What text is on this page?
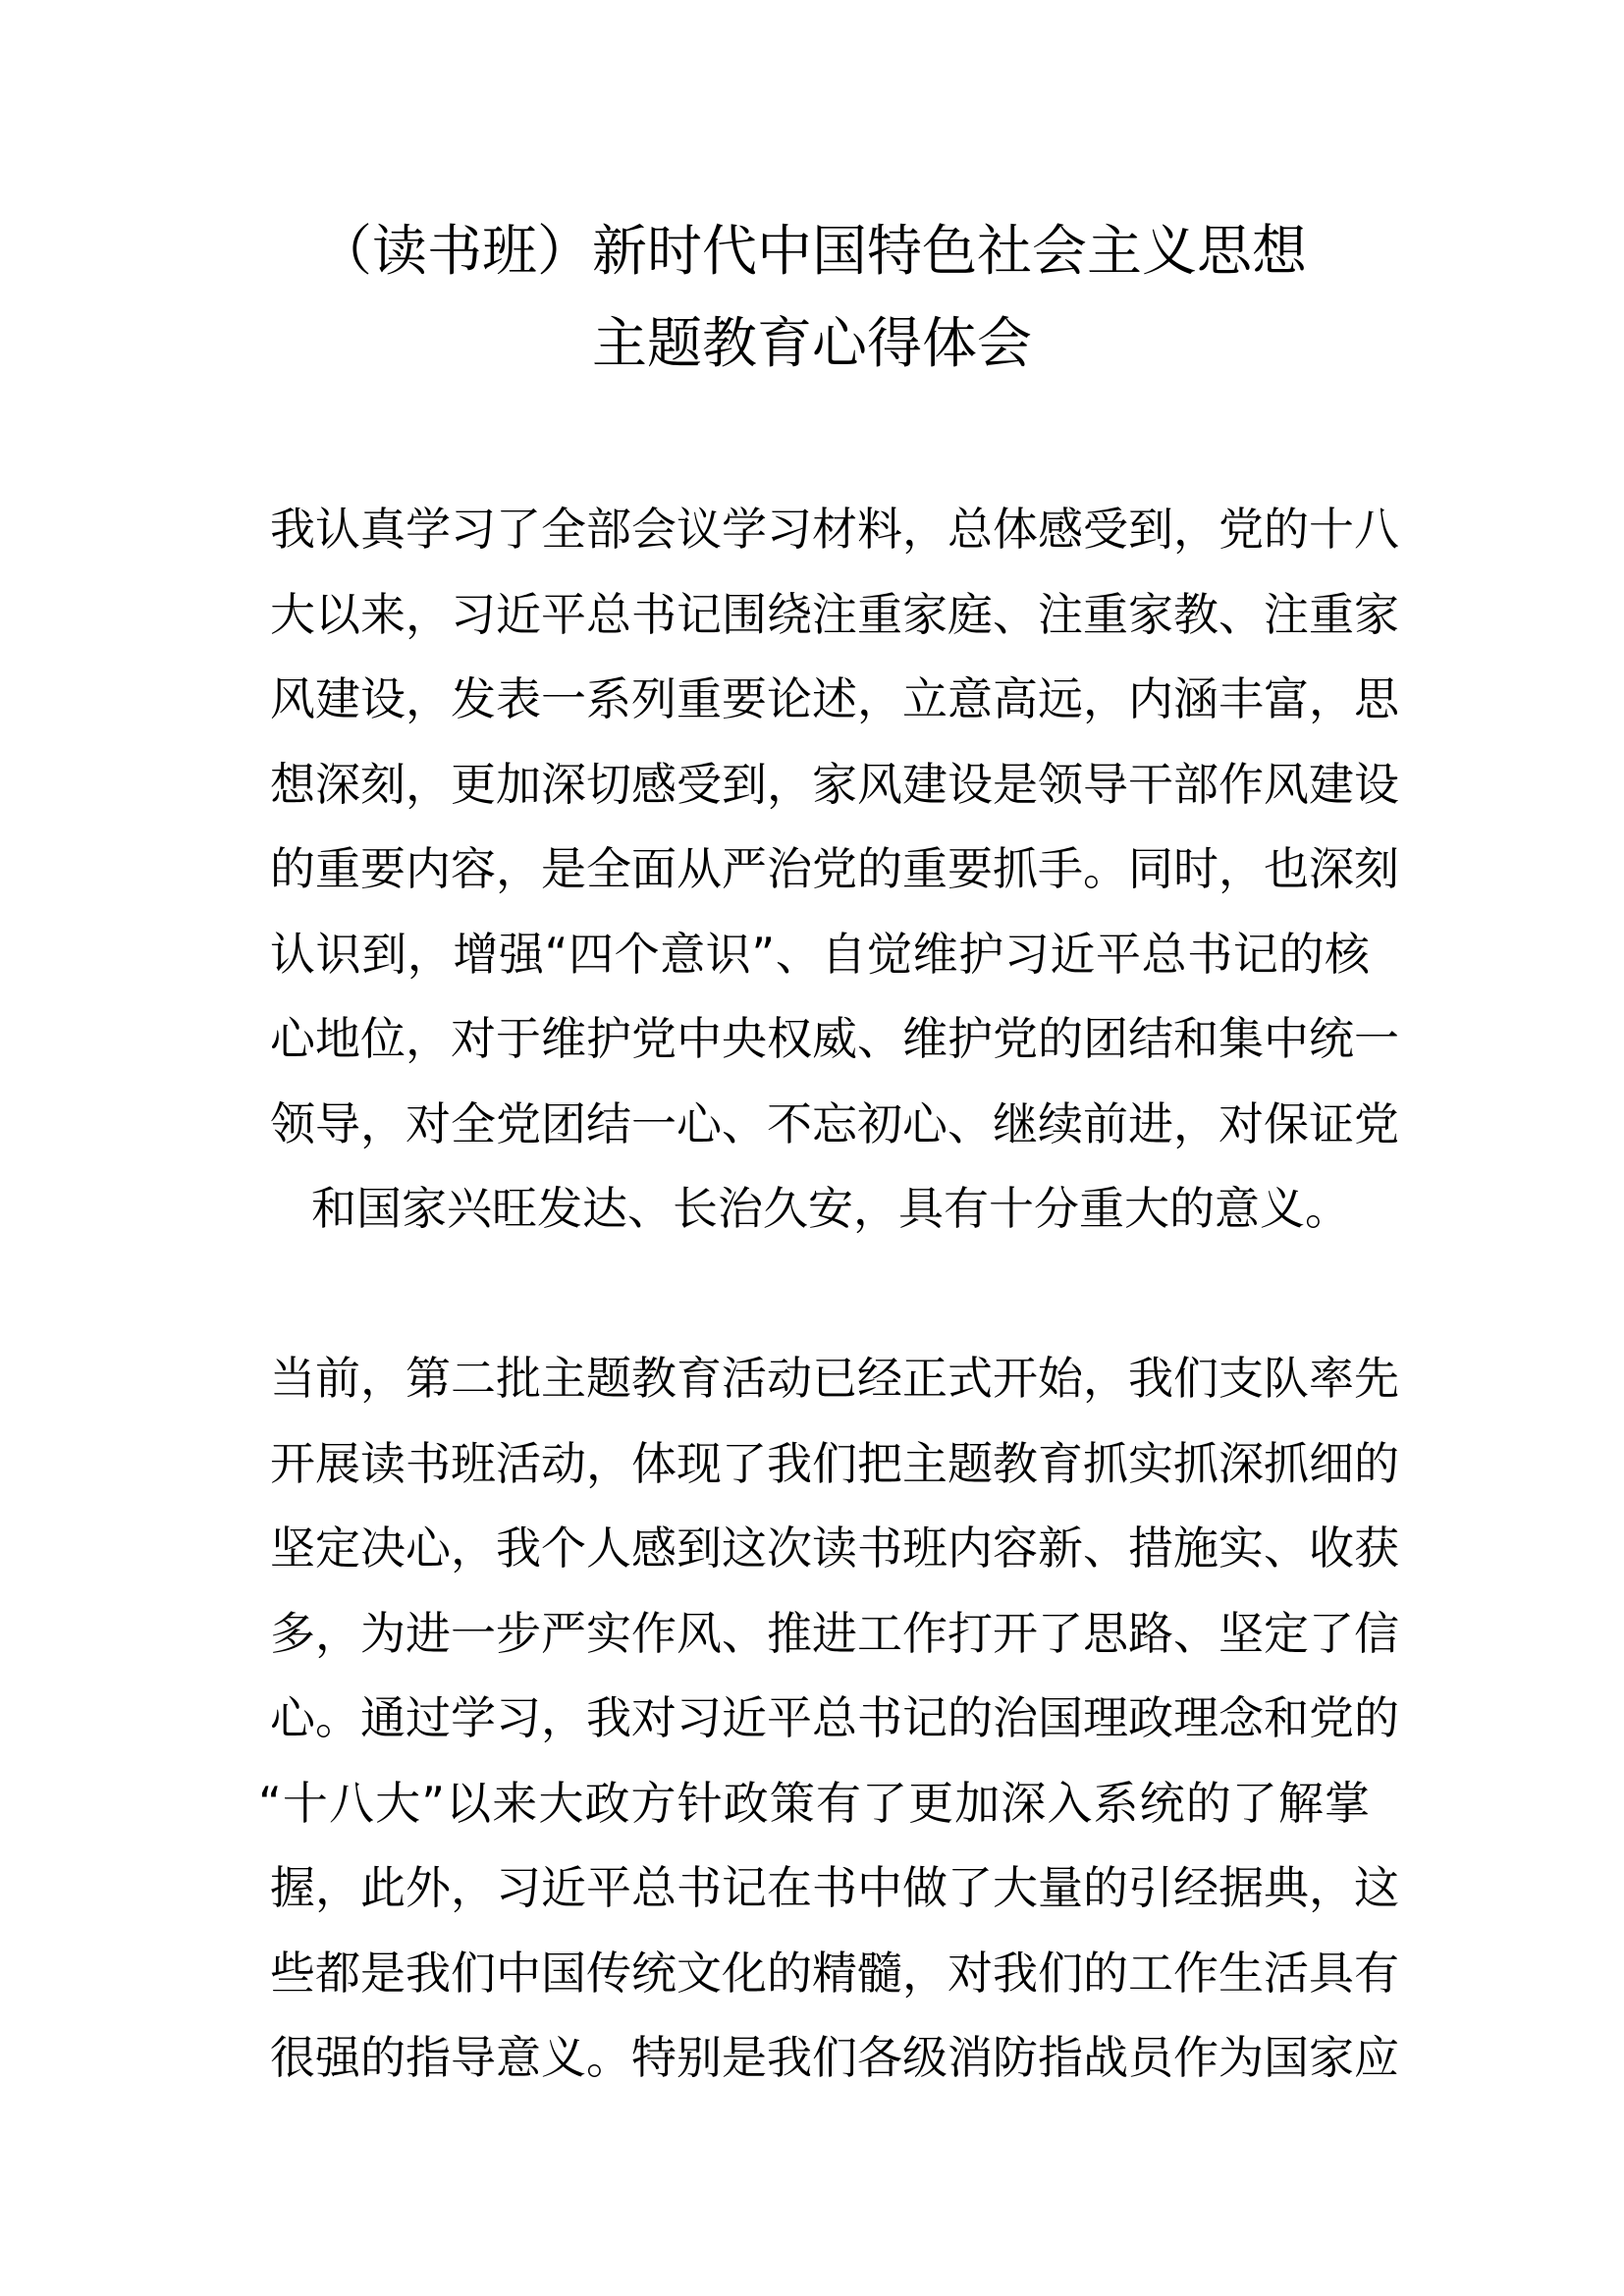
（读书班）新时代中国特色社会主义思想
主题教育心得体会
我认真学习了全部会议学习材料，总体感受到，党的十八
大以来，习近平总书记围绕注重家庭、注重家教、注重家
风建设，发表一系列重要论述，立意高远，内涵丰富，思
想深刻，更加深切感受到，家风建设是领导干部作风建设
的重要内容，是全面从严治党的重要抓手。同时，也深刻
认识到，增强“四个意识”、自觉维护习近平总书记的核
心地位，对于维护党中央权威、维护党的团结和集中统一
领导，对全党团结一心、不忘初心、继续前进，对保证党
和国家兴旺发达、长治久安，具有十分重大的意义。
当前，第二批主题教育活动已经正式开始，我们支队率先
开展读书班活动，体现了我们把主题教育抓实抓深抓细的
坚定决心，我个人感到这次读书班内容新、措施实、收获
多，为进一步严实作风、推进工作打开了思路、坚定了信
心。通过学习，我对习近平总书记的治国理政理念和党的
“十八大”以来大政方针政策有了更加深入系统的了解掌
握，此外，习近平总书记在书中做了大量的引经据典，这
些都是我们中国传统文化的精髓，对我们的工作生活具有
很强的指导意义。特别是我们各级消防指战员作为国家应
